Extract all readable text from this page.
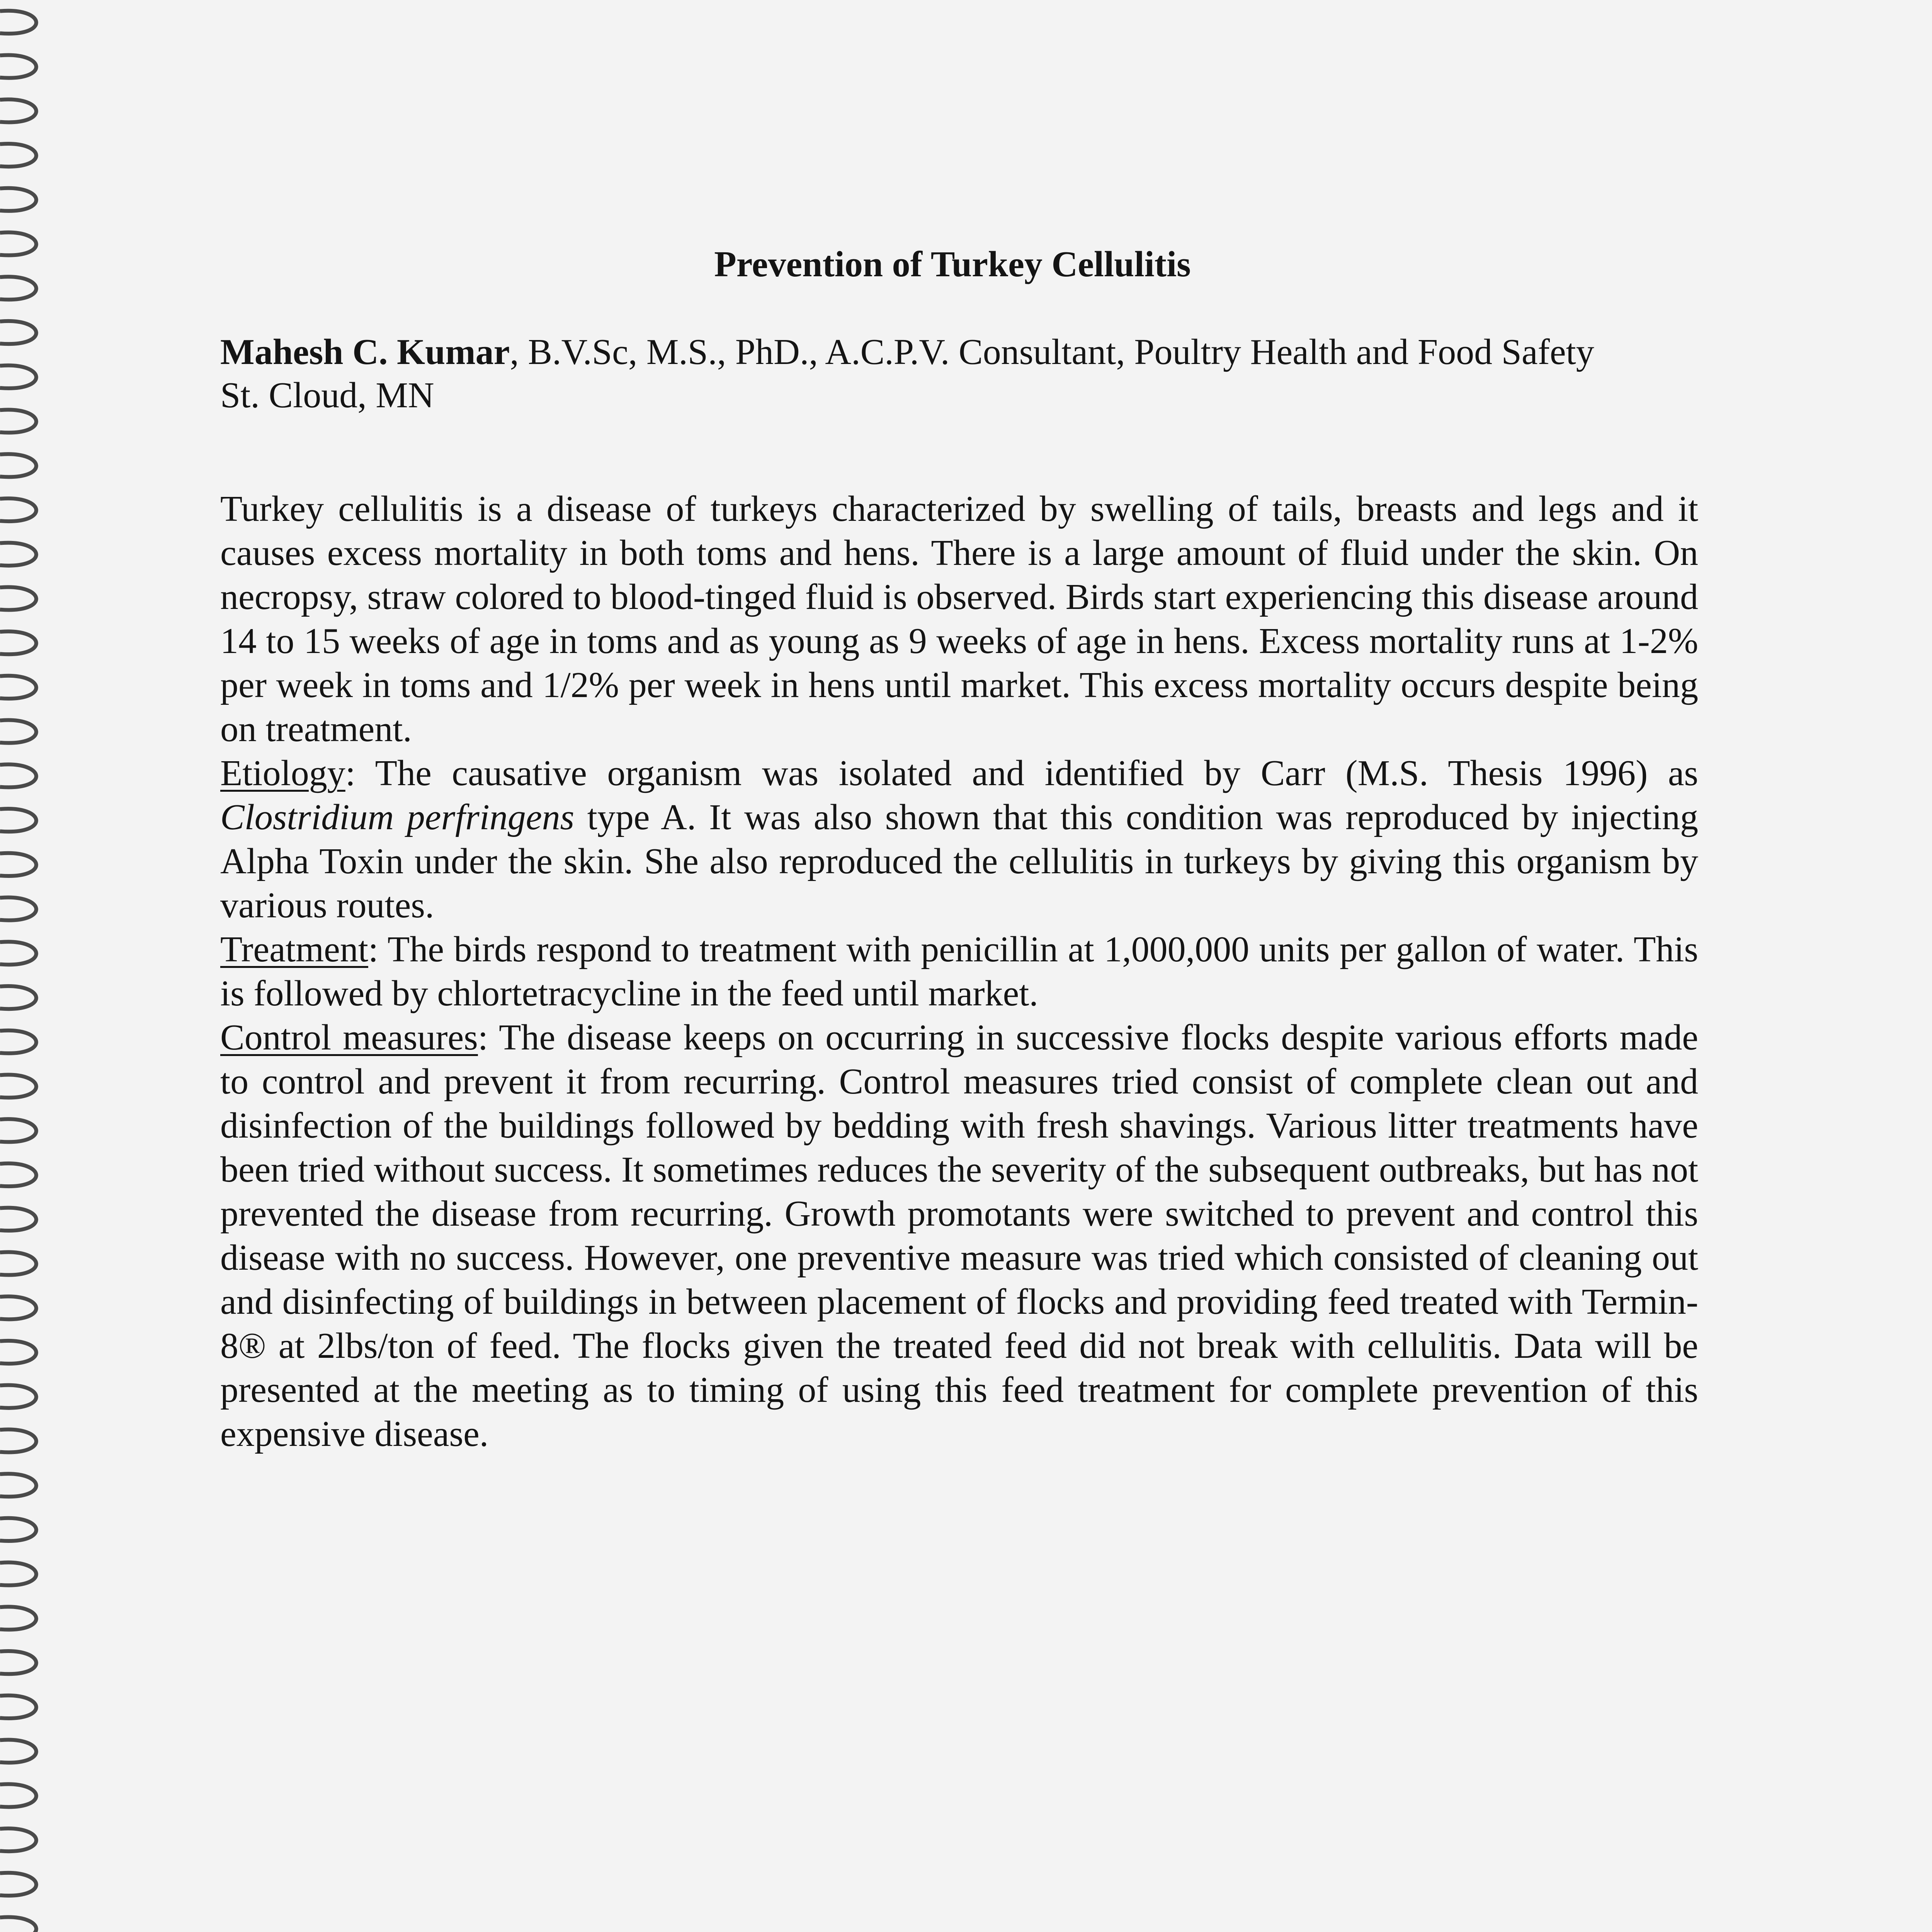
Prevention of Turkey Cellulitis
Mahesh C. Kumar, B.V.Sc, M.S., PhD., A.C.P.V. Consultant, Poultry Health and Food Safety
St. Cloud, MN

Turkey cellulitis is a disease of turkeys characterized by swelling of tails, breasts and legs and it causes excess mortality in both toms and hens. There is a large amount of fluid under the skin. On necropsy, straw colored to blood-tinged fluid is observed. Birds start experiencing this disease around 14 to 15 weeks of age in toms and as young as 9 weeks of age in hens. Excess mortality runs at 1-2% per week in toms and 1/2% per week in hens until market. This excess mortality occurs despite being on treatment.

Etiology: The causative organism was isolated and identified by Carr (M.S. Thesis 1996) as Clostridium perfringens type A. It was also shown that this condition was reproduced by injecting Alpha Toxin under the skin. She also reproduced the cellulitis in turkeys by giving this organism by various routes.

Treatment: The birds respond to treatment with penicillin at 1,000,000 units per gallon of water. This is followed by chlortetracycline in the feed until market.

Control measures: The disease keeps on occurring in successive flocks despite various efforts made to control and prevent it from recurring. Control measures tried consist of complete clean out and disinfection of the buildings followed by bedding with fresh shavings. Various litter treatments have been tried without success. It sometimes reduces the severity of the subsequent outbreaks, but has not prevented the disease from recurring. Growth promotants were switched to prevent and control this disease with no success. However, one preventive measure was tried which consisted of cleaning out and disinfecting of buildings in between placement of flocks and providing feed treated with Termin-8® at 2lbs/ton of feed. The flocks given the treated feed did not break with cellulitis. Data will be presented at the meeting as to timing of using this feed treatment for complete prevention of this expensive disease.
